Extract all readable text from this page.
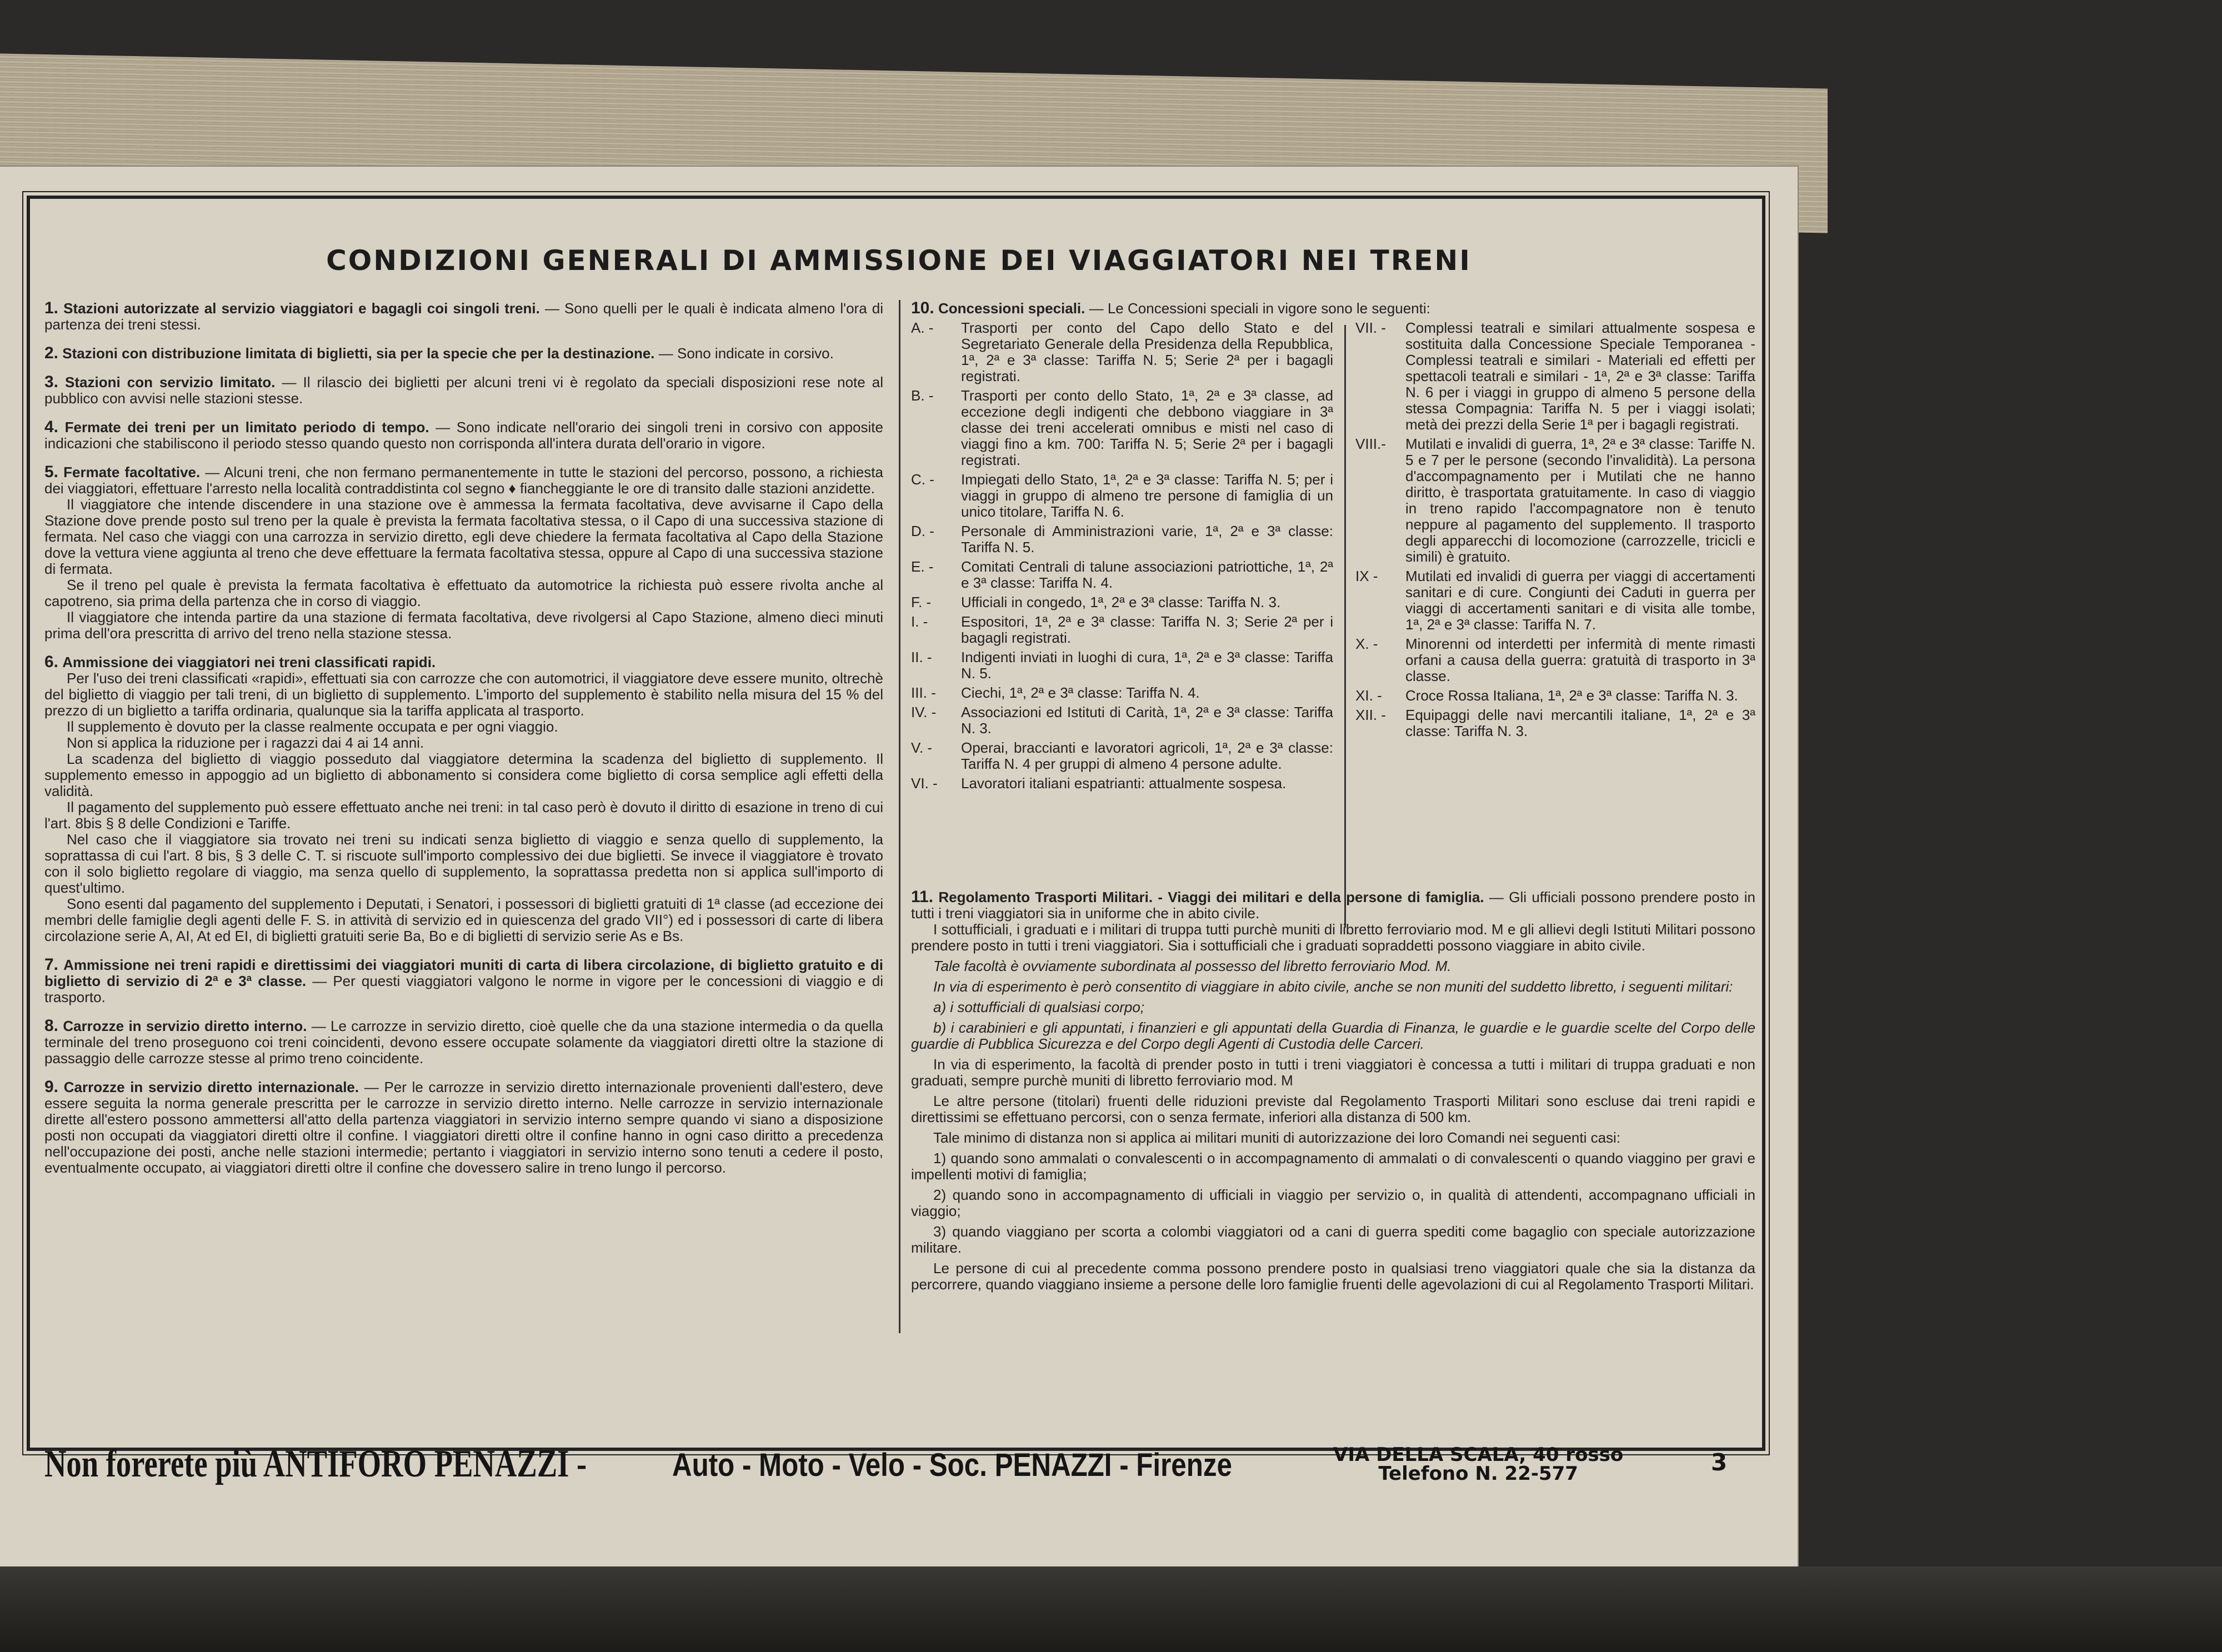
CONDIZIONI GENERALI DI AMMISSIONE DEI VIAGGIATORI NEI TRENI
1. Stazioni autorizzate al servizio viaggiatori e bagagli coi singoli treni. — Sono quelli per le quali è indicata almeno l'ora di partenza dei treni stessi.
2. Stazioni con distribuzione limitata di biglietti, sia per la specie che per la destinazione. — Sono indicate in corsivo.
3. Stazioni con servizio limitato. — Il rilascio dei biglietti per alcuni treni vi è regolato da speciali disposizioni rese note al pubblico con avvisi nelle stazioni stesse.
4. Fermate dei treni per un limitato periodo di tempo. — Sono indicate nell'orario dei singoli treni in corsivo con apposite indicazioni che stabiliscono il periodo stesso quando questo non corrisponda all'intera durata dell'orario in vigore.
5. Fermate facoltative. — Alcuni treni, che non fermano permanentemente in tutte le stazioni del percorso, possono, a richiesta dei viaggiatori, effettuare l'arresto nella località contraddistinta col segno ♦ fiancheggiante le ore di transito dalle stazioni anzidette.

Il viaggiatore che intende discendere in una stazione ove è ammessa la fermata facoltativa, deve avvisarne il Capo della Stazione dove prende posto sul treno per la quale è prevista la fermata facoltativa stessa, o il Capo di una successiva stazione di fermata. Nel caso che viaggi con una carrozza in servizio diretto, egli deve chiedere la fermata facoltativa al Capo della Stazione dove la vettura viene aggiunta al treno che deve effettuare la fermata facoltativa stessa, oppure al Capo di una successiva stazione di fermata.

Se il treno pel quale è prevista la fermata facoltativa è effettuato da automotrice la richiesta può essere rivolta anche al capotreno, sia prima della partenza che in corso di viaggio.

Il viaggiatore che intenda partire da una stazione di fermata facoltativa, deve rivolgersi al Capo Stazione, almeno dieci minuti prima dell'ora prescritta di arrivo del treno nella stazione stessa.

6. Ammissione dei viaggiatori nei treni classificati rapidi.

Per l'uso dei treni classificati «rapidi», effettuati sia con carrozze che con automotrici, il viaggiatore deve essere munito, oltrechè del biglietto di viaggio per tali treni, di un biglietto di supplemento. L'importo del supplemento è stabilito nella misura del 15 % del prezzo di un biglietto a tariffa ordinaria, qualunque sia la tariffa applicata al trasporto.

Il supplemento è dovuto per la classe realmente occupata e per ogni viaggio.

Non si applica la riduzione per i ragazzi dai 4 ai 14 anni.

La scadenza del biglietto di viaggio posseduto dal viaggiatore determina la scadenza del biglietto di supplemento. Il supplemento emesso in appoggio ad un biglietto di abbonamento si considera come biglietto di corsa semplice agli effetti della validità.

Il pagamento del supplemento può essere effettuato anche nei treni: in tal caso però è dovuto il diritto di esazione in treno di cui l'art. 8bis § 8 delle Condizioni e Tariffe.

Nel caso che il viaggiatore sia trovato nei treni su indicati senza biglietto di viaggio e senza quello di supplemento, la soprattassa di cui l'art. 8 bis, § 3 delle C. T. si riscuote sull'importo complessivo dei due biglietti. Se invece il viaggiatore è trovato con il solo biglietto regolare di viaggio, ma senza quello di supplemento, la soprattassa predetta non si applica sull'importo di quest'ultimo.

Sono esenti dal pagamento del supplemento i Deputati, i Senatori, i possessori di biglietti gratuiti di 1ª classe (ad eccezione dei membri delle famiglie degli agenti delle F. S. in attività di servizio ed in quiescenza del grado VII°) ed i possessori di carte di libera circolazione serie A, AI, At ed EI, di biglietti gratuiti serie Ba, Bo e di biglietti di servizio serie As e Bs.

7. Ammissione nei treni rapidi e direttissimi dei viaggiatori muniti di carta di libera circolazione, di biglietto gratuito e di biglietto di servizio di 2ª e 3ª classe. — Per questi viaggiatori valgono le norme in vigore per le concessioni di viaggio e di trasporto.
8. Carrozze in servizio diretto interno. — Le carrozze in servizio diretto, cioè quelle che da una stazione intermedia o da quella terminale del treno proseguono coi treni coincidenti, devono essere occupate solamente da viaggiatori diretti oltre la stazione di passaggio delle carrozze stesse al primo treno coincidente.
9. Carrozze in servizio diretto internazionale. — Per le carrozze in servizio diretto internazionale provenienti dall'estero, deve essere seguita la norma generale prescritta per le carrozze in servizio diretto interno. Nelle carrozze in servizio internazionale dirette all'estero possono ammettersi all'atto della partenza viaggiatori in servizio interno sempre quando vi siano a disposizione posti non occupati da viaggiatori diretti oltre il confine. I viaggiatori diretti oltre il confine hanno in ogni caso diritto a precedenza nell'occupazione dei posti, anche nelle stazioni intermedie; pertanto i viaggiatori in servizio interno sono tenuti a cedere il posto, eventualmente occupato, ai viaggiatori diretti oltre il confine che dovessero salire in treno lungo il percorso.
10. Concessioni speciali. — Le Concessioni speciali in vigore sono le seguenti:
A. -	Trasporti per conto del Capo dello Stato e del Segretariato Generale della Presidenza della Repubblica, 1ª, 2ª e 3ª classe: Tariffa N. 5; Serie 2ª per i bagagli registrati.
B. -	Trasporti per conto dello Stato, 1ª, 2ª e 3ª classe, ad eccezione degli indigenti che debbono viaggiare in 3ª classe dei treni accelerati omnibus e misti nel caso di viaggi fino a km. 700: Tariffa N. 5; Serie 2ª per i bagagli registrati.
C. -	Impiegati dello Stato, 1ª, 2ª e 3ª classe: Tariffa N. 5; per i viaggi in gruppo di almeno tre persone di famiglia di un unico titolare, Tariffa N. 6.
D. -	Personale di Amministrazioni varie, 1ª, 2ª e 3ª classe: Tariffa N. 5.
E. -	Comitati Centrali di talune associazioni patriottiche, 1ª, 2ª e 3ª classe: Tariffa N. 4.
F. -	Ufficiali in congedo, 1ª, 2ª e 3ª classe: Tariffa N. 3.
I. -	Espositori, 1ª, 2ª e 3ª classe: Tariffa N. 3; Serie 2ª per i bagagli registrati.
II. -	Indigenti inviati in luoghi di cura, 1ª, 2ª e 3ª classe: Tariffa N. 5.
III. -	Ciechi, 1ª, 2ª e 3ª classe: Tariffa N. 4.
IV. -	Associazioni ed Istituti di Carità, 1ª, 2ª e 3ª classe: Tariffa N. 3.
V. -	Operai, braccianti e lavoratori agricoli, 1ª, 2ª e 3ª classe: Tariffa N. 4 per gruppi di almeno 4 persone adulte.
VI. -	Lavoratori italiani espatrianti: attualmente sospesa.
VII. -	Complessi teatrali e similari attualmente sospesa e sostituita dalla Concessione Speciale Temporanea - Complessi teatrali e similari - Materiali ed effetti per spettacoli teatrali e similari - 1ª, 2ª e 3ª classe: Tariffa N. 6 per i viaggi in gruppo di almeno 5 persone della stessa Compagnia: Tariffa N. 5 per i viaggi isolati; metà dei prezzi della Serie 1ª per i bagagli registrati.
VIII.-	Mutilati e invalidi di guerra, 1ª, 2ª e 3ª classe: Tariffe N. 5 e 7 per le persone (secondo l'invalidità). La persona d'accompagnamento per i Mutilati che ne hanno diritto, è trasportata gratuitamente. In caso di viaggio in treno rapido l'accompagnatore non è tenuto neppure al pagamento del supplemento. Il trasporto degli apparecchi di locomozione (carrozzelle, tricicli e simili) è gratuito.
IX -	Mutilati ed invalidi di guerra per viaggi di accertamenti sanitari e di cure. Congiunti dei Caduti in guerra per viaggi di accertamenti sanitari e di visita alle tombe, 1ª, 2ª e 3ª classe: Tariffa N. 7.
X. -	Minorenni od interdetti per infermità di mente rimasti orfani a causa della guerra: gratuità di trasporto in 3ª classe.
XI. -	Croce Rossa Italiana, 1ª, 2ª e 3ª classe: Tariffa N. 3.
XII. -	Equipaggi delle navi mercantili italiane, 1ª, 2ª e 3ª classe: Tariffa N. 3.
11. Regolamento Trasporti Militari. - Viaggi dei militari e della persone di famiglia. — Gli ufficiali possono prendere posto in tutti i treni viaggiatori sia in uniforme che in abito civile.

I sottufficiali, i graduati e i militari di truppa tutti purchè muniti di libretto ferroviario mod. M e gli allievi degli Istituti Militari possono prendere posto in tutti i treni viaggiatori. Sia i sottufficiali che i graduati sopraddetti possono viaggiare in abito civile.

Tale facoltà è ovviamente subordinata al possesso del libretto ferroviario Mod. M.

In via di esperimento è però consentito di viaggiare in abito civile, anche se non muniti del suddetto libretto, i seguenti militari:

a) i sottufficiali di qualsiasi corpo;

b) i carabinieri e gli appuntati, i finanzieri e gli appuntati della Guardia di Finanza, le guardie e le guardie scelte del Corpo delle guardie di Pubblica Sicurezza e del Corpo degli Agenti di Custodia delle Carceri.

In via di esperimento, la facoltà di prender posto in tutti i treni viaggiatori è concessa a tutti i militari di truppa graduati e non graduati, sempre purchè muniti di libretto ferroviario mod. M

Le altre persone (titolari) fruenti delle riduzioni previste dal Regolamento Trasporti Militari sono escluse dai treni rapidi e direttissimi se effettuano percorsi, con o senza fermate, inferiori alla distanza di 500 km.

Tale minimo di distanza non si applica ai militari muniti di autorizzazione dei loro Comandi nei seguenti casi:

1) quando sono ammalati o convalescenti o in accompagnamento di ammalati o di convalescenti o quando viaggino per gravi e impellenti motivi di famiglia;

2) quando sono in accompagnamento di ufficiali in viaggio per servizio o, in qualità di attendenti, accompagnano ufficiali in viaggio;

3) quando viaggiano per scorta a colombi viaggiatori od a cani di guerra spediti come bagaglio con speciale autorizzazione militare.

Le persone di cui al precedente comma possono prendere posto in qualsiasi treno viaggiatori quale che sia la distanza da percorrere, quando viaggiano insieme a persone delle loro famiglie fruenti delle agevolazioni di cui al Regolamento Trasporti Militari.

Non forerete più ANTIFORO PENAZZI -	Auto - Moto - Velo - Soc. PENAZZI - Firenze	VIA DELLA SCALA, 40 rosso
Telefono N. 22-577	3
